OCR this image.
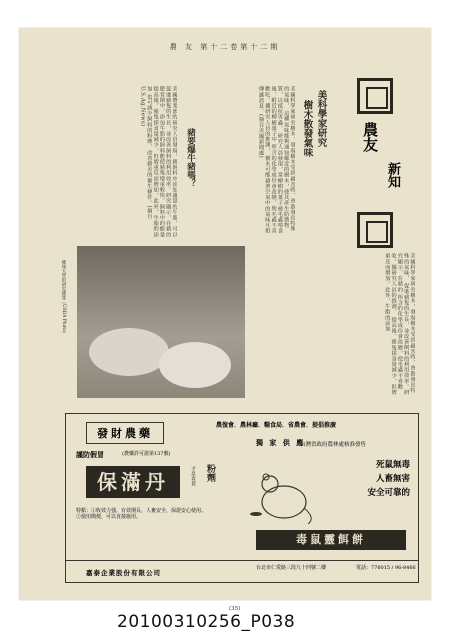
農 友 第十二卷第十二期
農友
新知
美科學家研究
樹木散發氣味
美國科學家研究樹木，發現樹木受到蟲害時，會散發出特殊的氣味， 這種氣味能夠通知鄰近的樹木，使其產生防禦物質，以抵抗害蟲。 研究人員發現，當柳樹的葉子被毛蟲啃食後，附近的柳樹葉子中 所含的化學成份會改變，使毛蟲不喜歡吃。據研究人員的推測， 樹木可能藉著空氣中的氣味互相傳遞訊息。(摘自美國新聞處)
豬要爆牛豬嗎？
美國農業部的研究人員發現，豬飼料中添加適量的牛脂，可以 促進豬隻的生長，並改善飼料的利用效率。研究顯示，在豬的 肥育期中，添加牛脂的飼料能使豬隻增重較快。飼料中的能量 提高後，豬隻採食量減少，但增重反而增加。此外，牛脂的添加 也可減少飼料的粉塵，改善豬舍的衛生條件。(摘自U.S.Ag.News)
美國科學家研究樹木，發現樹木受到蟲害時，會散發出特殊的氣味， 促進豬隻的生長，並改善飼料的利用效率。研究顯示，在豬的 所含的化學成份會改變，使毛蟲不喜歡吃。據研究人員的推測， 提高後，豬隻採食量減少，但增重反而增加。此外，牛脂的添加
佛州大學的研究豬隻（USDA Photo）
發財農藥
農復會．農林廳．糧食局．省農會．提倡推廣
獨 家 供 應
台灣省政府農林處核准發售
謹防假冒	(農藥許可證第137號)
保滿丹	粉劑
才是真貨
特點：①收效力強，有效期長，人畜安全，保證安心使用。②使用簡便，可以直接施用。
死鼠無毒
人畜無害
安全可靠的
毒鼠靈餌餅
嘉泰企業股份有限公司
台北市仁愛路三段九十四號二樓	電話：776015 / 96-8466
(35)
20100310256_P038
